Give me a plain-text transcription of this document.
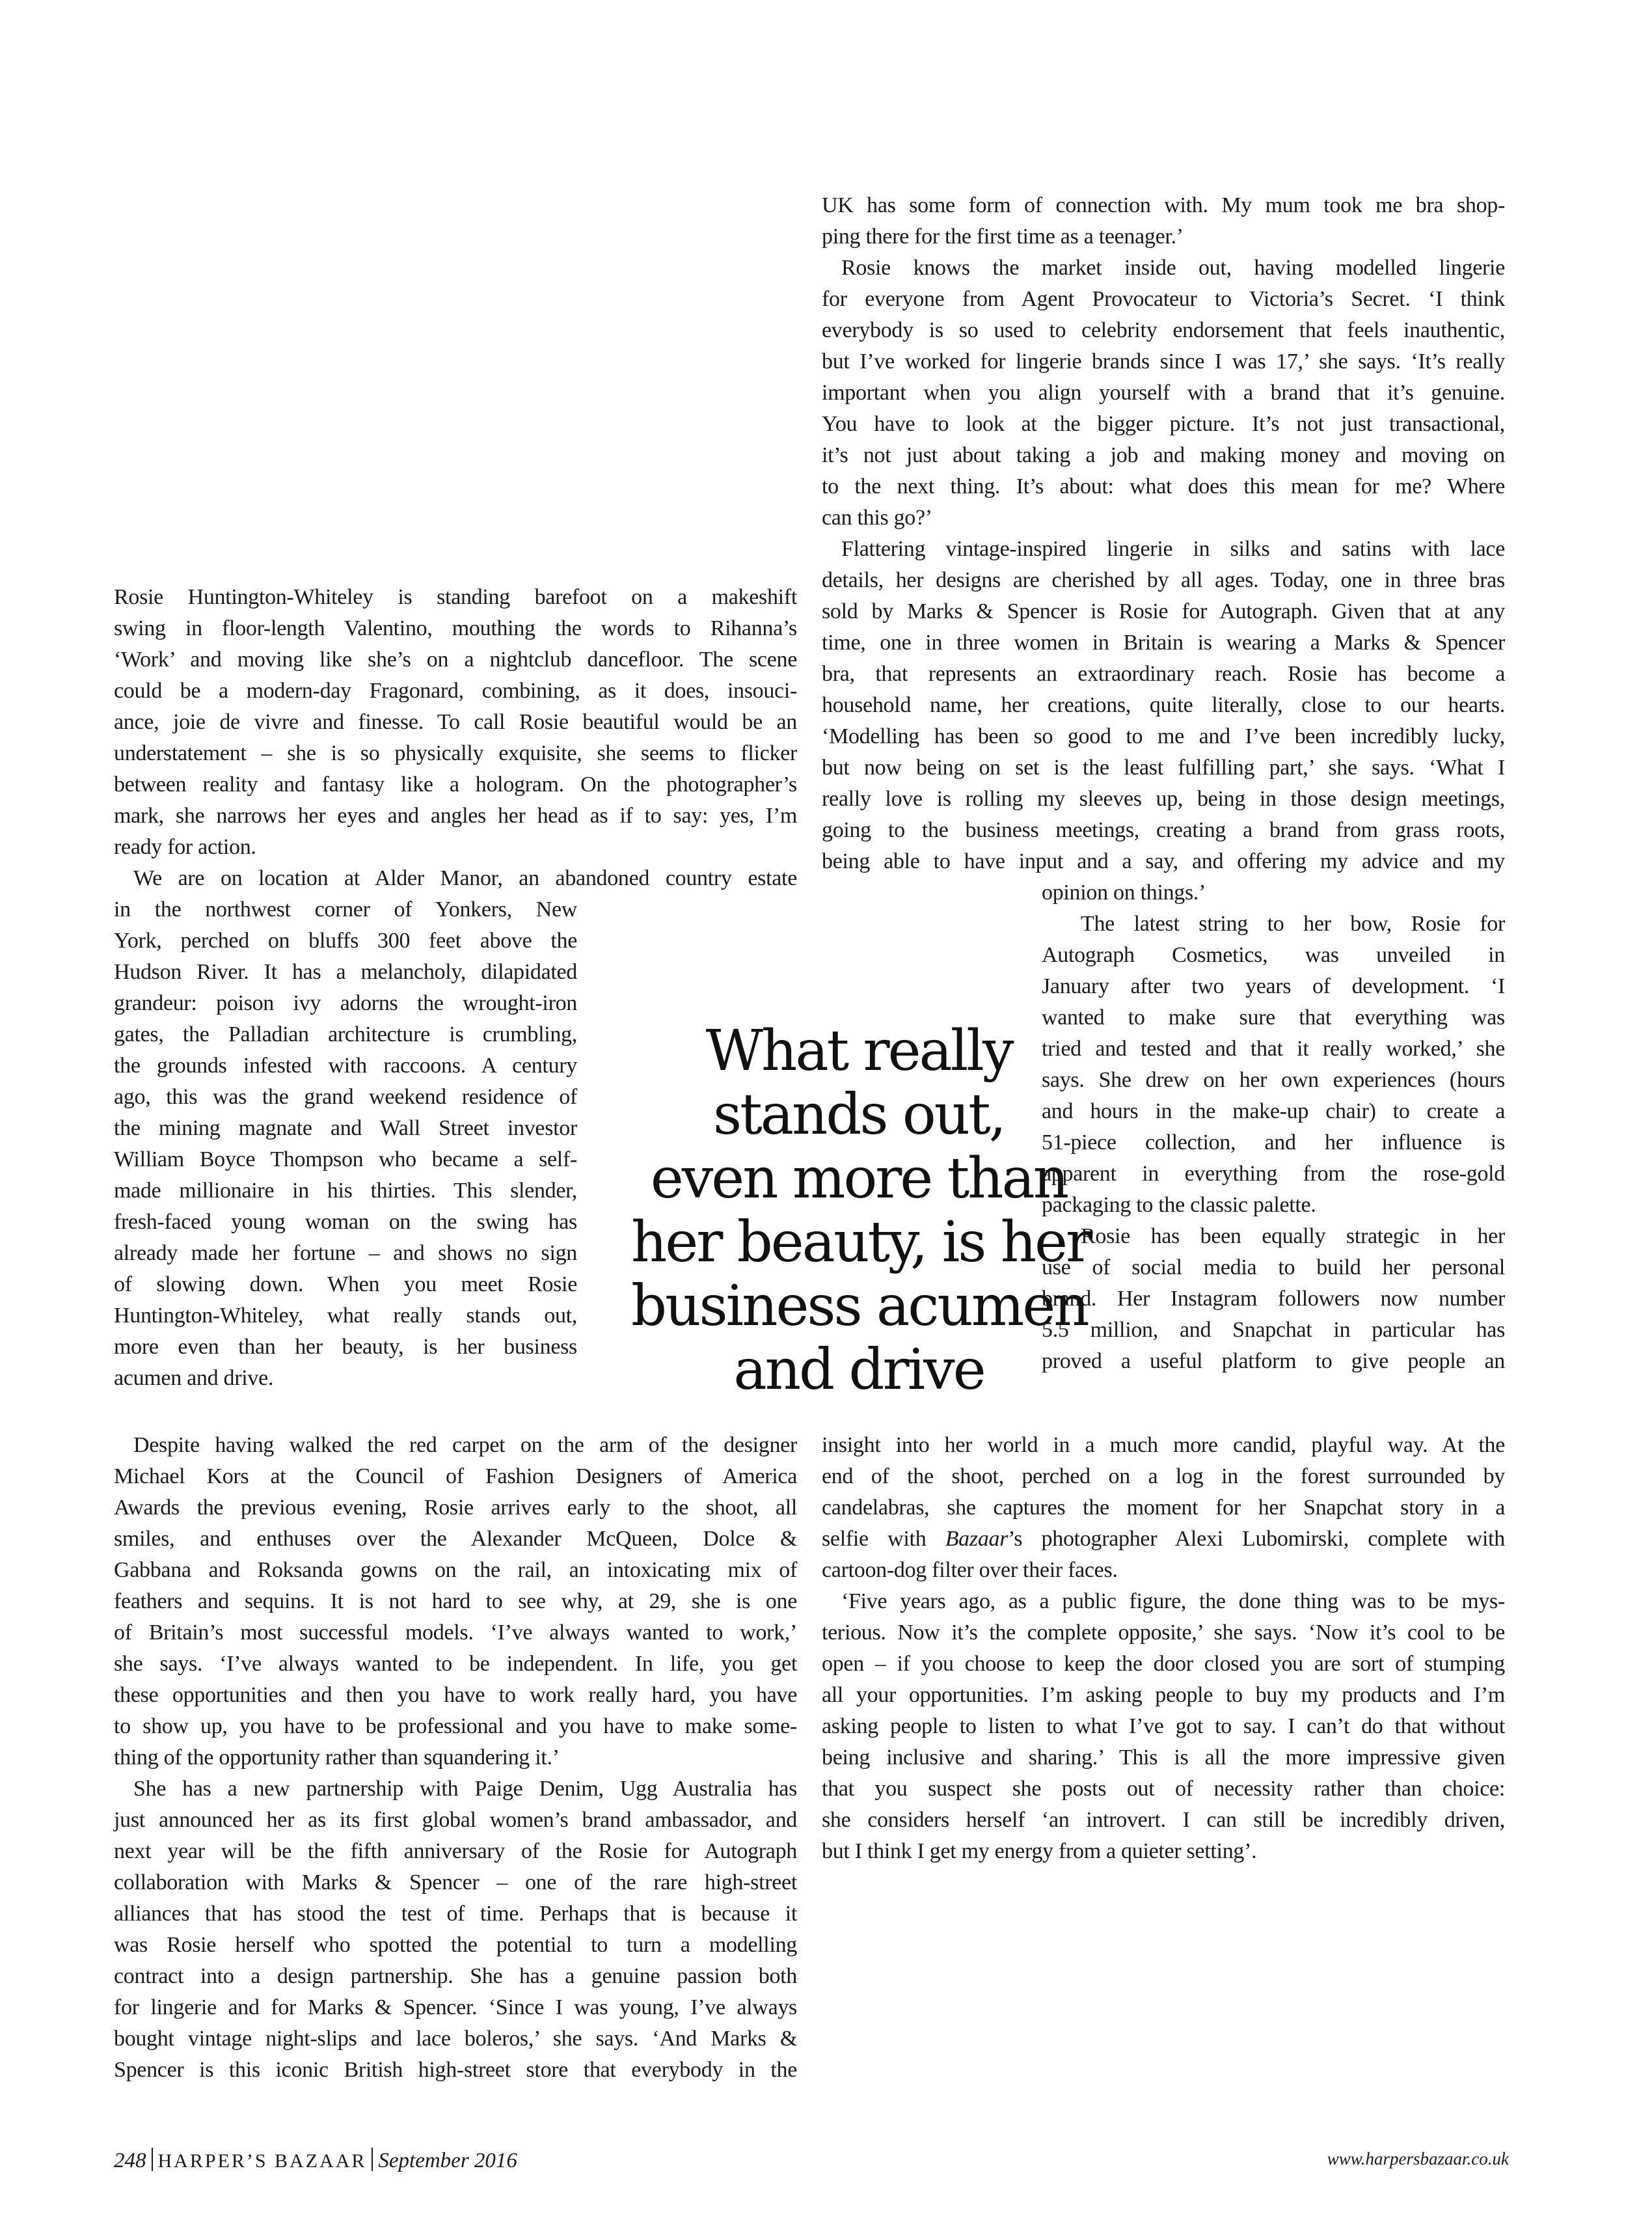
Rosie Huntington-Whiteley is standing barefoot on a makeshift
swing in floor-length Valentino, mouthing the words to Rihanna’s
‘Work’ and moving like she’s on a nightclub dancefloor. The scene
could be a modern-day Fragonard, combining, as it does, insouci-
ance, joie de vivre and finesse. To call Rosie beautiful would be an
understatement – she is so physically exquisite, she seems to flicker
between reality and fantasy like a hologram. On the photographer’s
mark, she narrows her eyes and angles her head as if to say: yes, I’m
ready for action.
We are on location at Alder Manor, an abandoned country estate
in the northwest corner of Yonkers, New
York, perched on bluffs 300 feet above the
Hudson River. It has a melancholy, dilapidated
grandeur: poison ivy adorns the wrought-iron
gates, the Palladian architecture is crumbling,
the grounds infested with raccoons. A century
ago, this was the grand weekend residence of
the mining magnate and Wall Street investor
William Boyce Thompson who became a self-
made millionaire in his thirties. This slender,
fresh-faced young woman on the swing has
already made her fortune – and shows no sign
of slowing down. When you meet Rosie
Huntington-Whiteley, what really stands out,
more even than her beauty, is her business
acumen and drive.
Despite having walked the red carpet on the arm of the designer
Michael Kors at the Council of Fashion Designers of America
Awards the previous evening, Rosie arrives early to the shoot, all
smiles, and enthuses over the Alexander McQueen, Dolce &
Gabbana and Roksanda gowns on the rail, an intoxicating mix of
feathers and sequins. It is not hard to see why, at 29, she is one
of Britain’s most successful models. ‘I’ve always wanted to work,’
she says. ‘I’ve always wanted to be independent. In life, you get
these opportunities and then you have to work really hard, you have
to show up, you have to be professional and you have to make some-
thing of the opportunity rather than squandering it.’
She has a new partnership with Paige Denim, Ugg Australia has
just announced her as its first global women’s brand ambassador, and
next year will be the fifth anniversary of the Rosie for Autograph
collaboration with Marks & Spencer – one of the rare high-street
alliances that has stood the test of time. Perhaps that is because it
was Rosie herself who spotted the potential to turn a modelling
contract into a design partnership. She has a genuine passion both
for lingerie and for Marks & Spencer. ‘Since I was young, I’ve always
bought vintage night-slips and lace boleros,’ she says. ‘And Marks &
Spencer is this iconic British high-street store that everybody in the
UK has some form of connection with. My mum took me bra shop-
ping there for the first time as a teenager.’
Rosie knows the market inside out, having modelled lingerie
for everyone from Agent Provocateur to Victoria’s Secret. ‘I think
everybody is so used to celebrity endorsement that feels inauthentic,
but I’ve worked for lingerie brands since I was 17,’ she says. ‘It’s really
important when you align yourself with a brand that it’s genuine.
You have to look at the bigger picture. It’s not just transactional,
it’s not just about taking a job and making money and moving on
to the next thing. It’s about: what does this mean for me? Where
can this go?’
Flattering vintage-inspired lingerie in silks and satins with lace
details, her designs are cherished by all ages. Today, one in three bras
sold by Marks & Spencer is Rosie for Autograph. Given that at any
time, one in three women in Britain is wearing a Marks & Spencer
bra, that represents an extraordinary reach. Rosie has become a
household name, her creations, quite literally, close to our hearts.
‘Modelling has been so good to me and I’ve been incredibly lucky,
but now being on set is the least fulfilling part,’ she says. ‘What I
really love is rolling my sleeves up, being in those design meetings,
going to the business meetings, creating a brand from grass roots,
being able to have input and a say, and offering my advice and my
opinion on things.’
The latest string to her bow, Rosie for
Autograph Cosmetics, was unveiled in
January after two years of development. ‘I
wanted to make sure that everything was
tried and tested and that it really worked,’ she
says. She drew on her own experiences (hours
and hours in the make-up chair) to create a
51-piece collection, and her influence is
apparent in everything from the rose-gold
packaging to the classic palette.
Rosie has been equally strategic in her
use of social media to build her personal
brand. Her Instagram followers now number
5.5 million, and Snapchat in particular has
proved a useful platform to give people an
insight into her world in a much more candid, playful way. At the
end of the shoot, perched on a log in the forest surrounded by
candelabras, she captures the moment for her Snapchat story in a
selfie with Bazaar’s photographer Alexi Lubomirski, complete with
cartoon-dog filter over their faces.
‘Five years ago, as a public figure, the done thing was to be mys-
terious. Now it’s the complete opposite,’ she says. ‘Now it’s cool to be
open – if you choose to keep the door closed you are sort of stumping
all your opportunities. I’m asking people to buy my products and I’m
asking people to listen to what I’ve got to say. I can’t do that without
being inclusive and sharing.’ This is all the more impressive given
that you suspect she posts out of necessity rather than choice:
she considers herself ‘an introvert. I can still be incredibly driven,
but I think I get my energy from a quieter setting’.
What really
stands out,
even more than
her beauty, is her
business acumen
and drive
248 HARPER’S BAZAAR September 2016	www.harpersbazaar.co.uk
